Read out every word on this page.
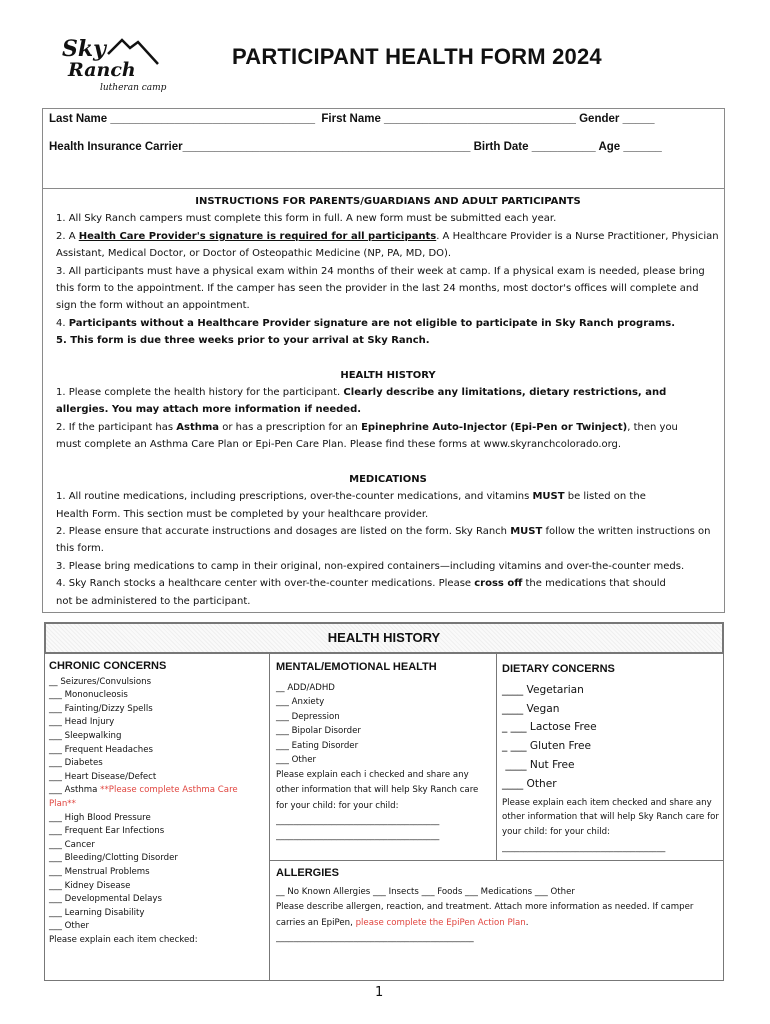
Sky
Ranch
lutheran camp
PARTICIPANT HEALTH FORM 2024
Last Name ________________________________  First Name ______________________________ Gender _____
Health Insurance Carrier_____________________________________________ Birth Date __________ Age ______
INSTRUCTIONS FOR PARENTS/GUARDIANS AND ADULT PARTICIPANTS

1. All Sky Ranch campers must complete this form in full. A new form must be submitted each year.

2. A Health Care Provider's signature is required for all participants. A Healthcare Provider is a Nurse Practitioner, Physician Assistant, Medical Doctor, or Doctor of Osteopathic Medicine (NP, PA, MD, DO).

3. All participants must have a physical exam within 24 months of their week at camp. If a physical exam is needed, please bring this form to the appointment. If the camper has seen the provider in the last 24 months, most doctor's offices will complete and sign the form without an appointment.

4. Participants without a Healthcare Provider signature are not eligible to participate in Sky Ranch programs.

5. This form is due three weeks prior to your arrival at Sky Ranch.

HEALTH HISTORY

1. Please complete the health history for the participant. Clearly describe any limitations, dietary restrictions, and allergies. You may attach more information if needed.

2. If the participant has Asthma or has a prescription for an Epinephrine Auto-Injector (Epi-Pen or Twinject), then you
must complete an Asthma Care Plan or Epi-Pen Care Plan. Please find these forms at www.skyranchcolorado.org.

MEDICATIONS

1. All routine medications, including prescriptions, over-the-counter medications, and vitamins MUST be listed on the
Health Form. This section must be completed by your healthcare provider.

2. Please ensure that accurate instructions and dosages are listed on the form. Sky Ranch MUST follow the written instructions on this form.

3. Please bring medications to camp in their original, non-expired containers—including vitamins and over-the-counter meds.

4. Sky Ranch stocks a healthcare center with over-the-counter medications. Please cross off the medications that should
not be administered to the participant.

HEALTH HISTORY
CHRONIC CONCERNS
__ Seizures/Convulsions
___ Mononucleosis
___ Fainting/Dizzy Spells
___ Head Injury
___ Sleepwalking
___ Frequent Headaches
___ Diabetes
___ Heart Disease/Defect
___ Asthma **Please complete Asthma Care Plan**
___ High Blood Pressure
___ Frequent Ear Infections
___ Cancer
___ Bleeding/Clotting Disorder
___ Menstrual Problems
___ Kidney Disease
___ Developmental Delays
___ Learning Disability
___ Other
Please explain each item checked:
MENTAL/EMOTIONAL HEALTH
__ ADD/ADHD
___ Anxiety
___ Depression
___ Bipolar Disorder
___ Eating Disorder
___ Other
Please explain each i checked and share any other information that will help Sky Ranch care for your child: for your child:
______________________________________
______________________________________
DIETARY CONCERNS
____ Vegetarian
____ Vegan
_ ___ Lactose Free
_ ___ Gluten Free
____ Nut Free
____ Other
Please explain each item checked and share any other information that will help Sky Ranch care for your child: for your child:
______________________________________
ALLERGIES
__ No Known Allergies ___ Insects ___ Foods ___ Medications ___ Other
Please describe allergen, reaction, and treatment. Attach more information as needed. If camper carries an EpiPen, please complete the EpiPen Action Plan.
______________________________________________
1
